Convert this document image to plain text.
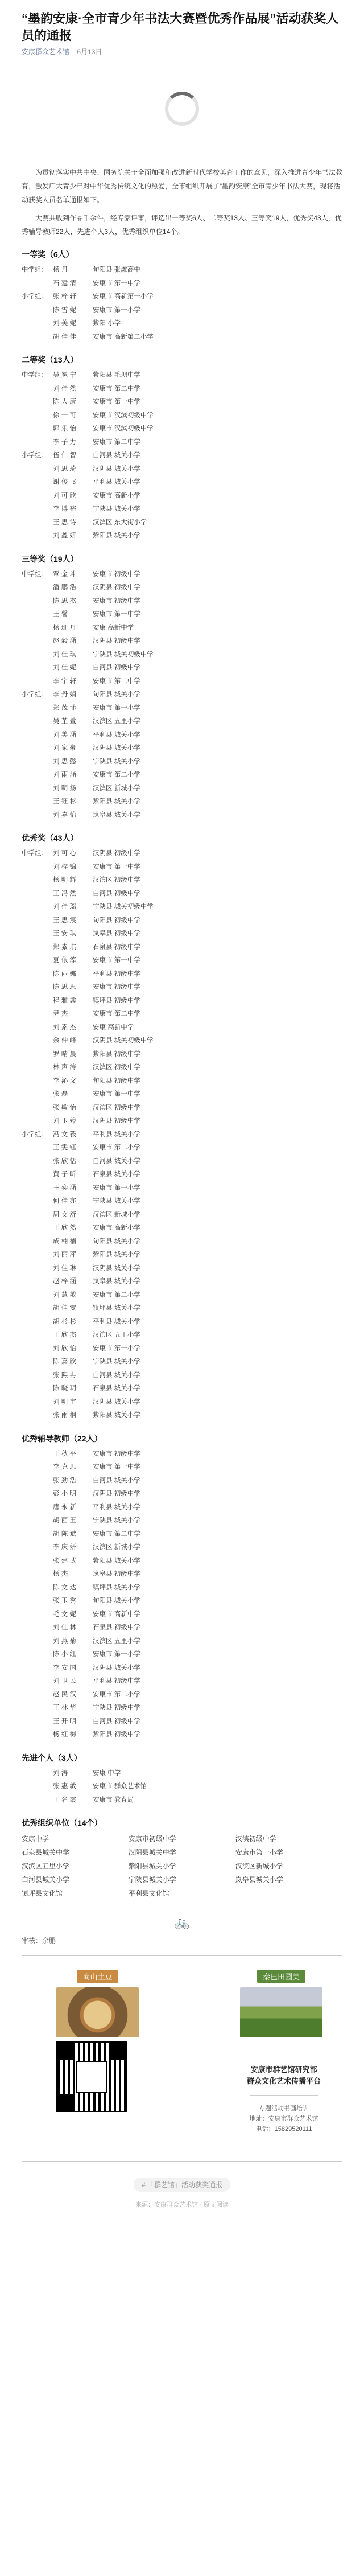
“墨韵安康·全市青少年书法大赛暨优秀作品展”活动获奖人员的通报
安康群众艺术馆 6月13日

为贯彻落实中共中央、国务院关于全面加强和改进新时代学校美育工作的意见，深入推进青少年书法教育，激发广大青少年对中华优秀传统文化的热爱，全市组织开展了“墨韵安康”全市青少年书法大赛，现将活动获奖人员名单通报如下。

大赛共收到作品千余件，经专家评审，评选出一等奖6人、二等奖13人、三等奖19人，优秀奖43人，优秀辅导教师22人，先进个人3人，优秀组织单位14个。

一等奖（6人）
中学组： 杨 丹	旬阳县 张滩高中
石 建 清	安康市 第一中学
小学组： 张 梓 轩	安康市 高新第一小学
陈 雪 妮	安康市 第一小学
刘 美 妮	紫阳 小学
胡 佳 佳	安康市 高新第二小学
二等奖（13人）
中学组： 吴 冕 宁	紫阳县 毛坝中学
刘 佳 然	安康市 第二中学
陈 大 康	安康市 第一中学
徐 一 可	安康市 汉滨初级中学
郭 乐 怡	安康市 汉滨初级中学
李 子 力	安康市 第二中学
小学组： 伍 仁 智	白河县 城关小学
刘 思 琦	汉阴县 城关小学
谢 俊 飞	平利县 城关小学
刘 可 欣	安康市 高新小学
李 博 裕	宁陕县 城关小学
王 思 诗	汉滨区 东大街小学
刘 鑫 妍	紫阳县 城关小学
三等奖（19人）
中学组： 覃 金 斗	安康市 初级中学
潘 鹏 浩	汉阴县 初级中学
陈 思 杰	安康市 初级中学
王 馨	安康市 第一中学
杨 珊 丹	安康 高新中学
赵 毅 涵	汉阴县 初级中学
刘 佳 琪	宁陕县 城关初级中学
刘 佳 妮	白河县 初级中学
李 宇 轩	安康市 第二中学
小学组： 李 丹 娟	旬阳县 城关小学
郑 茂 菲	安康市 第一小学
吴 芷 萱	汉滨区 五里小学
刘 美 涵	平利县 城关小学
刘 家 豪	汉阴县 城关小学
刘 思 懿	宁陕县 城关小学
刘 雨 涵	安康市 第二小学
刘 明 扬	汉滨区 新城小学
王 钰 杉	紫阳县 城关小学
刘 嘉 怡	岚皋县 城关小学
优秀奖（43人）
中学组： 刘 可 心	汉阴县 初级中学
刘 梓 锦	安康市 第一中学
杨 明 辉	汉滨区 初级中学
王 冯 然	白河县 初级中学
刘 佳 瑶	宁陕县 城关初级中学
王 思 宸	旬阳县 初级中学
王 安 琪	岚皋县 初级中学
郑 素 琪	石泉县 初级中学
夏 依 淳	安康市 第一中学
陈 丽 娜	平利县 初级中学
陈 思 思	安康市 初级中学
程 雅 鑫	镇坪县 初级中学
尹 杰	安康市 第二中学
刘 素 杰	安康 高新中学
余 仲 峰	汉阴县 城关初级中学
罗 晴 晨	紫阳县 初级中学
林 声 涛	汉滨区 初级中学
李 沁 文	旬阳县 初级中学
张 磊	安康市 第一中学
张 敏 怡	汉滨区 初级中学
刘 玉 婷	汉阴县 初级中学
小学组： 冯 文 毅	平利县 城关小学
王 雯 钰	安康市 第二小学
张 欣 恬	白河县 城关小学
黄 子 昕	石泉县 城关小学
王 奕 涵	安康市 第一小学
何 佳 亦	宁陕县 城关小学
周 文 舒	汉滨区 新城小学
王 欣 然	安康市 高新小学
成 楠 楠	旬阳县 城关小学
刘 丽 萍	紫阳县 城关小学
刘 佳 琳	汉阴县 城关小学
赵 梓 涵	岚皋县 城关小学
刘 慧 敏	安康市 第二小学
胡 佳 雯	镇坪县 城关小学
胡 杉 杉	平利县 城关小学
王 欣 杰	汉滨区 五里小学
刘 欣 怡	安康市 第一小学
陈 嘉 欣	宁陕县 城关小学
张 熙 冉	白河县 城关小学
陈 晓 玥	石泉县 城关小学
刘 明 宇	汉阴县 城关小学
张 雨 桐	紫阳县 城关小学
优秀辅导教师（22人）
王 秋 平	安康市 初级中学
李 克 思	安康市 第一中学
张 劲 浩	白河县 城关小学
彭 小 明	汉阴县 初级中学
唐 永 新	平利县 城关小学
胡 西 玉	宁陕县 城关小学
胡 陈 斌	安康市 第二中学
李 庆 妍	汉滨区 新城小学
张 建 武	紫阳县 城关小学
杨 杰	岚皋县 初级中学
陈 文 达	镇坪县 城关小学
张 玉 秀	旬阳县 城关小学
毛 文 妮	安康市 高新中学
刘 佳 林	石泉县 初级中学
刘 燕 菊	汉滨区 五里小学
陈 小 红	安康市 第一小学
李 安 国	汉阴县 城关小学
刘 卫 民	平利县 初级中学
赵 民 汉	安康市 第二小学
王 林 华	宁陕县 初级中学
王 开 明	白河县 初级中学
杨 红 梅	紫阳县 初级中学
先进个人（3人）
刘 涛	安康 中学
张 惠 敏	安康市 群众艺术馆
王 名 霞	安康市 教育局
优秀组织单位（14个）
安康中学	安康市初级中学	汉滨初级中学
石泉县城关中学	汉阴县城关中学	安康市第一小学
汉滨区五里小学	紫阳县城关小学	汉滨区新城小学
白河县城关小学	宁陕县城关小学	岚皋县城关小学
镇坪县文化馆	平利县文化馆
🚲
审核：余鹏
商山土豆	秦巴田园美
安康市群艺馆研究部
群众文化艺术传播平台
专题活动书画培训
地址：安康市群众艺术馆
电话：15829520111
# 「群艺馆」活动获奖通报
来源：安康群众艺术馆 · 原文阅读
